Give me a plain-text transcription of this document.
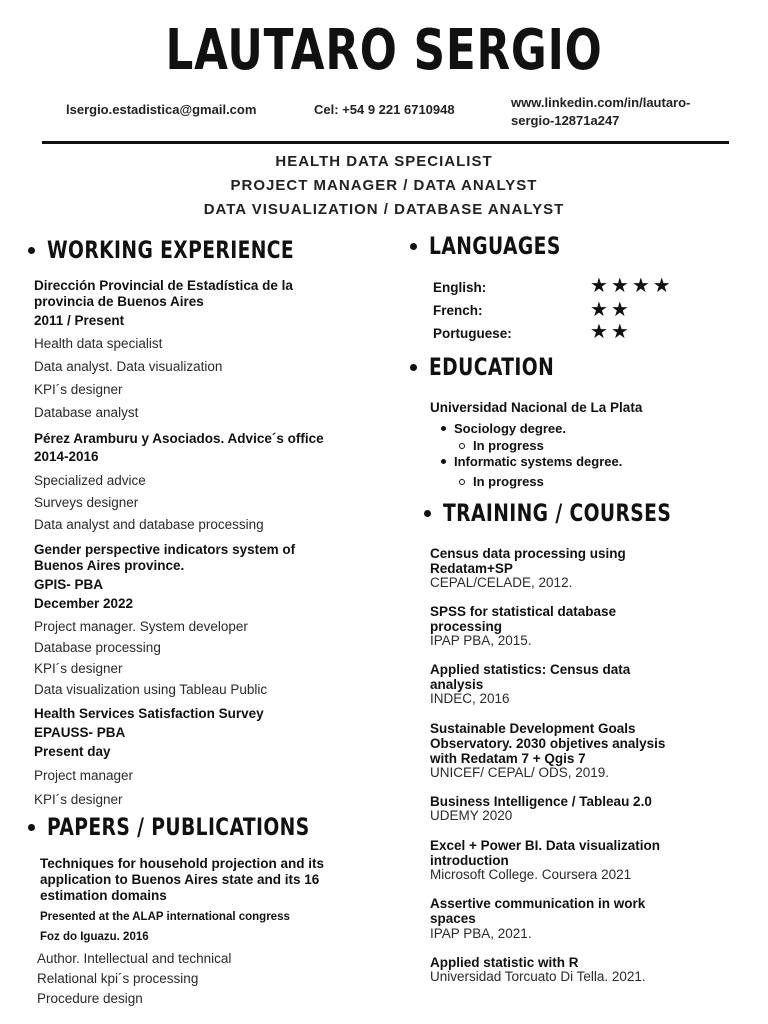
LAUTARO SERGIO
lsergio.estadistica@gmail.com	Cel: +54 9 221 6710948	www.linkedin.com/in/lautaro-
sergio-12871a247
HEALTH DATA SPECIALIST
PROJECT MANAGER / DATA ANALYST
DATA VISUALIZATION / DATABASE ANALYST
WORKING EXPERIENCE
Dirección Provincial de Estadística de la
provincia de Buenos Aires
2011 / Present
Health data specialist
Data analyst. Data visualization
KPI´s designer
Database analyst
Pérez Aramburu y Asociados. Advice´s office
2014-2016
Specialized advice
Surveys designer
Data analyst and database processing
Gender perspective indicators system of
Buenos Aires province.
GPIS- PBA
December 2022
Project manager. System developer
Database processing
KPI´s designer
Data visualization using Tableau Public
Health Services Satisfaction Survey
EPAUSS- PBA
Present day
Project manager
KPI´s designer
PAPERS / PUBLICATIONS
Techniques for household projection and its
application to Buenos Aires state and its 16
estimation domains
Presented at the ALAP international congress
Foz do Iguazu. 2016
Author. Intellectual and technical
Relational kpi´s processing
Procedure design
LANGUAGES
English:	★★★★
French:	★★
Portuguese:	★★
EDUCATION
Universidad Nacional de La Plata
Sociology degree.
In progress
Informatic systems degree.
In progress
TRAINING / COURSES
Census data processing using
Redatam+SP
CEPAL/CELADE, 2012.
SPSS for statistical database
processing
IPAP PBA, 2015.
Applied statistics: Census data
analysis
INDEC, 2016
Sustainable Development Goals
Observatory. 2030 objetives analysis
with Redatam 7 + Qgis 7
UNICEF/ CEPAL/ ODS, 2019.
Business Intelligence / Tableau 2.0
UDEMY 2020
Excel + Power BI. Data visualization
introduction
Microsoft College. Coursera 2021
Assertive communication in work
spaces
IPAP PBA, 2021.
Applied statistic with R
Universidad Torcuato Di Tella. 2021.
